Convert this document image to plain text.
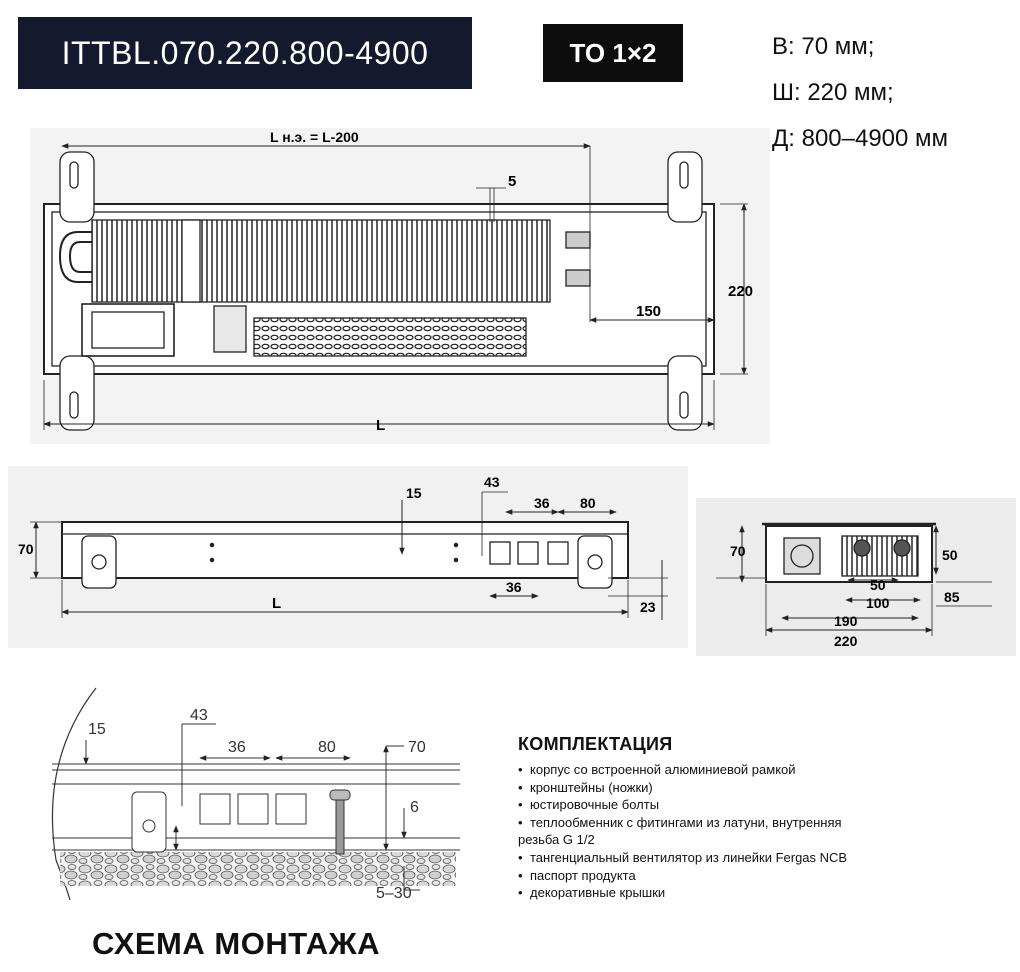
ITTBL.070.220.800-4900	TO 1×2	В: 70 мм;
Ш: 220 мм;
Д: 800–4900 мм
L н.э. = L-200
5
220
150
L
70
15
43
36 80
36
L	23
70	50
50
85
100
190
220
15
43
36	80	70
6
5–30
КОМПЛЕКТАЦИЯ
• корпус со встроенной алюминиевой рамкой
• кронштейны (ножки)
• юстировочные болты
• теплообменник с фитингами из латуни, внутренняя
резьба G 1/2
• тангенциальный вентилятор из линейки Fergas NCB
• паспорт продукта
• декоративные крышки
СХЕМА МОНТАЖА
